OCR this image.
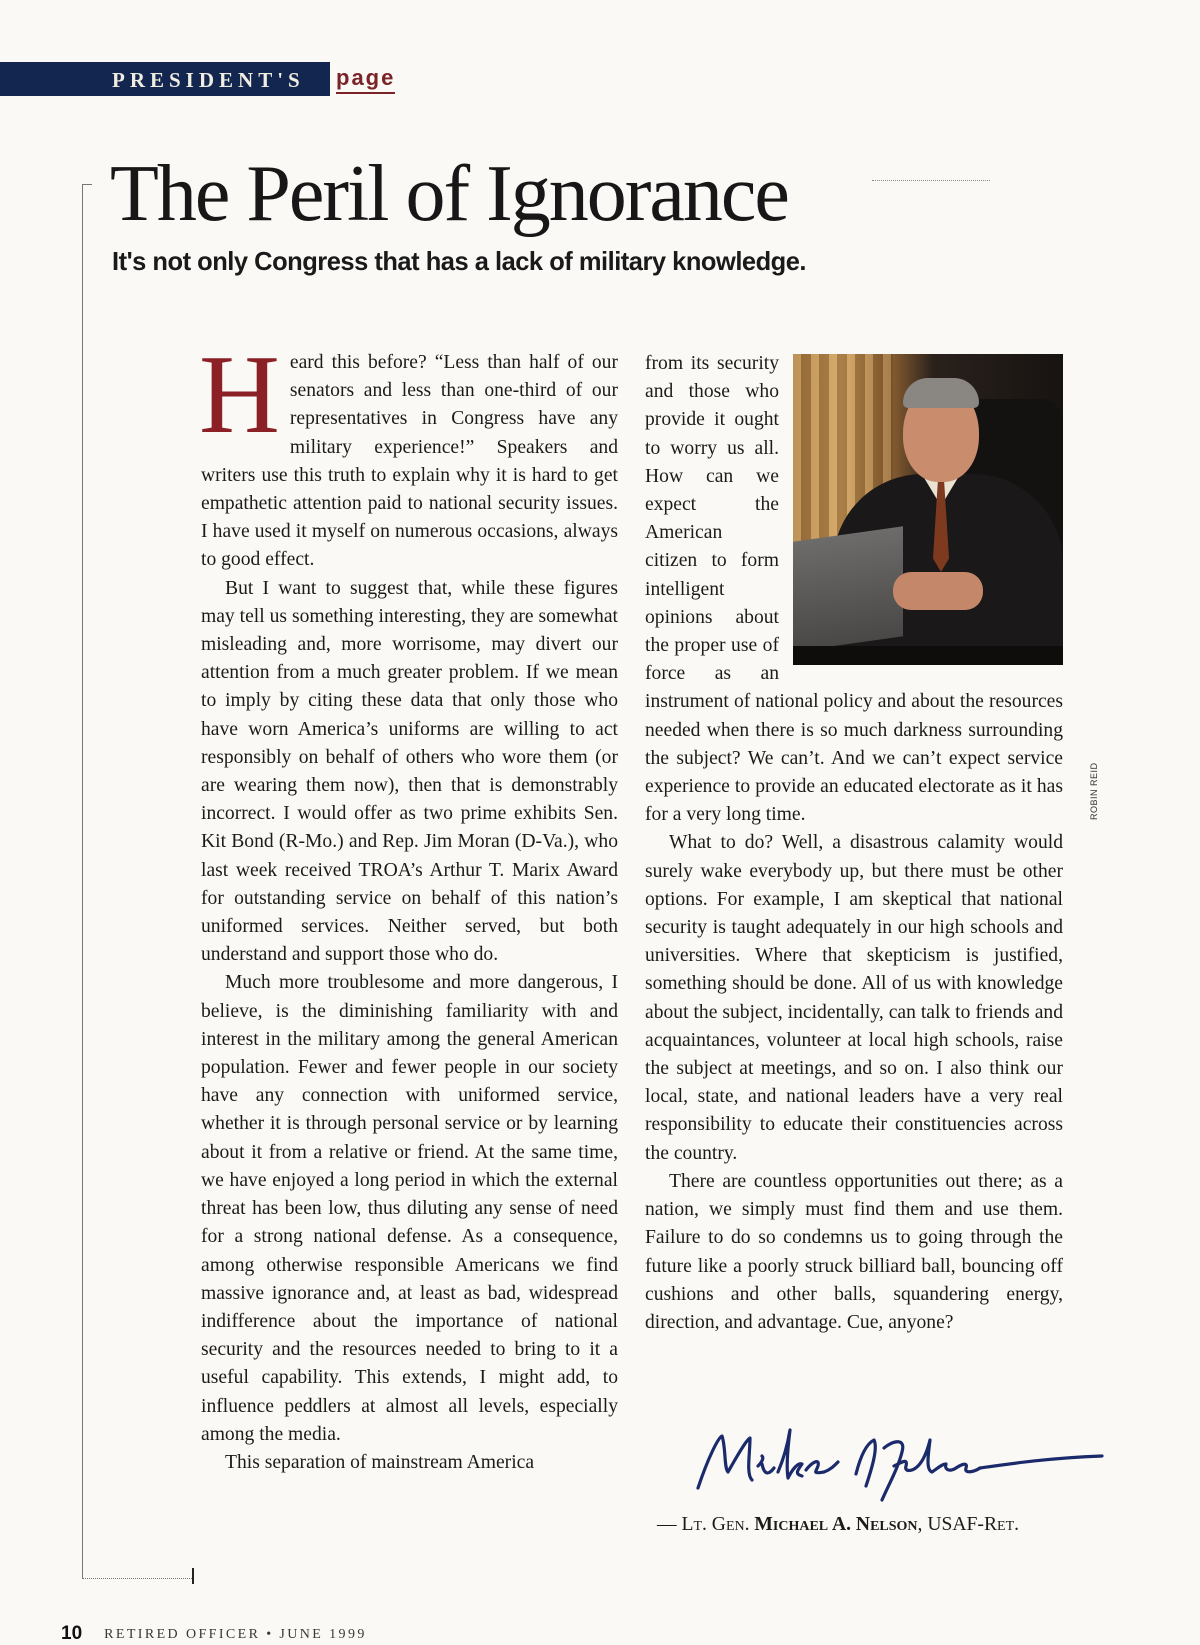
PRESIDENT'S page
The Peril of Ignorance
It's not only Congress that has a lack of military knowledge.

Heard this before? “Less than half of our senators and less than one-third of our representatives in Congress have any military experience!” Speakers and writers use this truth to explain why it is hard to get empathetic attention paid to national security issues. I have used it myself on numerous occasions, always to good effect.

But I want to suggest that, while these figures may tell us something interesting, they are somewhat misleading and, more worrisome, may divert our attention from a much greater problem. If we mean to imply by citing these data that only those who have worn America’s uniforms are willing to act responsibly on behalf of others who wore them (or are wearing them now), then that is demonstrably incorrect. I would offer as two prime exhibits Sen. Kit Bond (R-Mo.) and Rep. Jim Moran (D-Va.), who last week received TROA’s Arthur T. Marix Award for outstanding service on behalf of this nation’s uniformed services. Neither served, but both understand and support those who do.

Much more troublesome and more dangerous, I believe, is the diminishing familiarity with and interest in the military among the general American population. Fewer and fewer people in our society have any connection with uniformed service, whether it is through personal service or by learning about it from a relative or friend. At the same time, we have enjoyed a long period in which the external threat has been low, thus diluting any sense of need for a strong national defense. As a consequence, among otherwise responsible Americans we find massive ignorance and, at least as bad, widespread indifference about the importance of national security and the resources needed to bring to it a useful capability. This extends, I might add, to influence peddlers at almost all levels, especially among the media.

This separation of mainstream America

from its security and those who provide it ought to worry us all. How can we expect the American citizen to form intelligent opinions about the proper use of force as an instrument of national policy and about the resources needed when there is so much darkness surrounding the subject? We can’t. And we can’t expect service experience to provide an educated electorate as it has for a very long time.

What to do? Well, a disastrous calamity would surely wake everybody up, but there must be other options. For example, I am skeptical that national security is taught adequately in our high schools and universities. Where that skepticism is justified, something should be done. All of us with knowledge about the subject, incidentally, can talk to friends and acquaintances, volunteer at local high schools, raise the subject at meetings, and so on. I also think our local, state, and national leaders have a very real responsibility to educate their constituencies across the country.

There are countless opportunities out there; as a nation, we simply must find them and use them. Failure to do so condemns us to going through the future like a poorly struck billiard ball, bouncing off cushions and other balls, squandering energy, direction, and advantage. Cue, anyone?

ROBIN REID
— Lt. Gen. Michael A. Nelson, USAF-Ret.
10 RETIRED OFFICER • JUNE 1999
